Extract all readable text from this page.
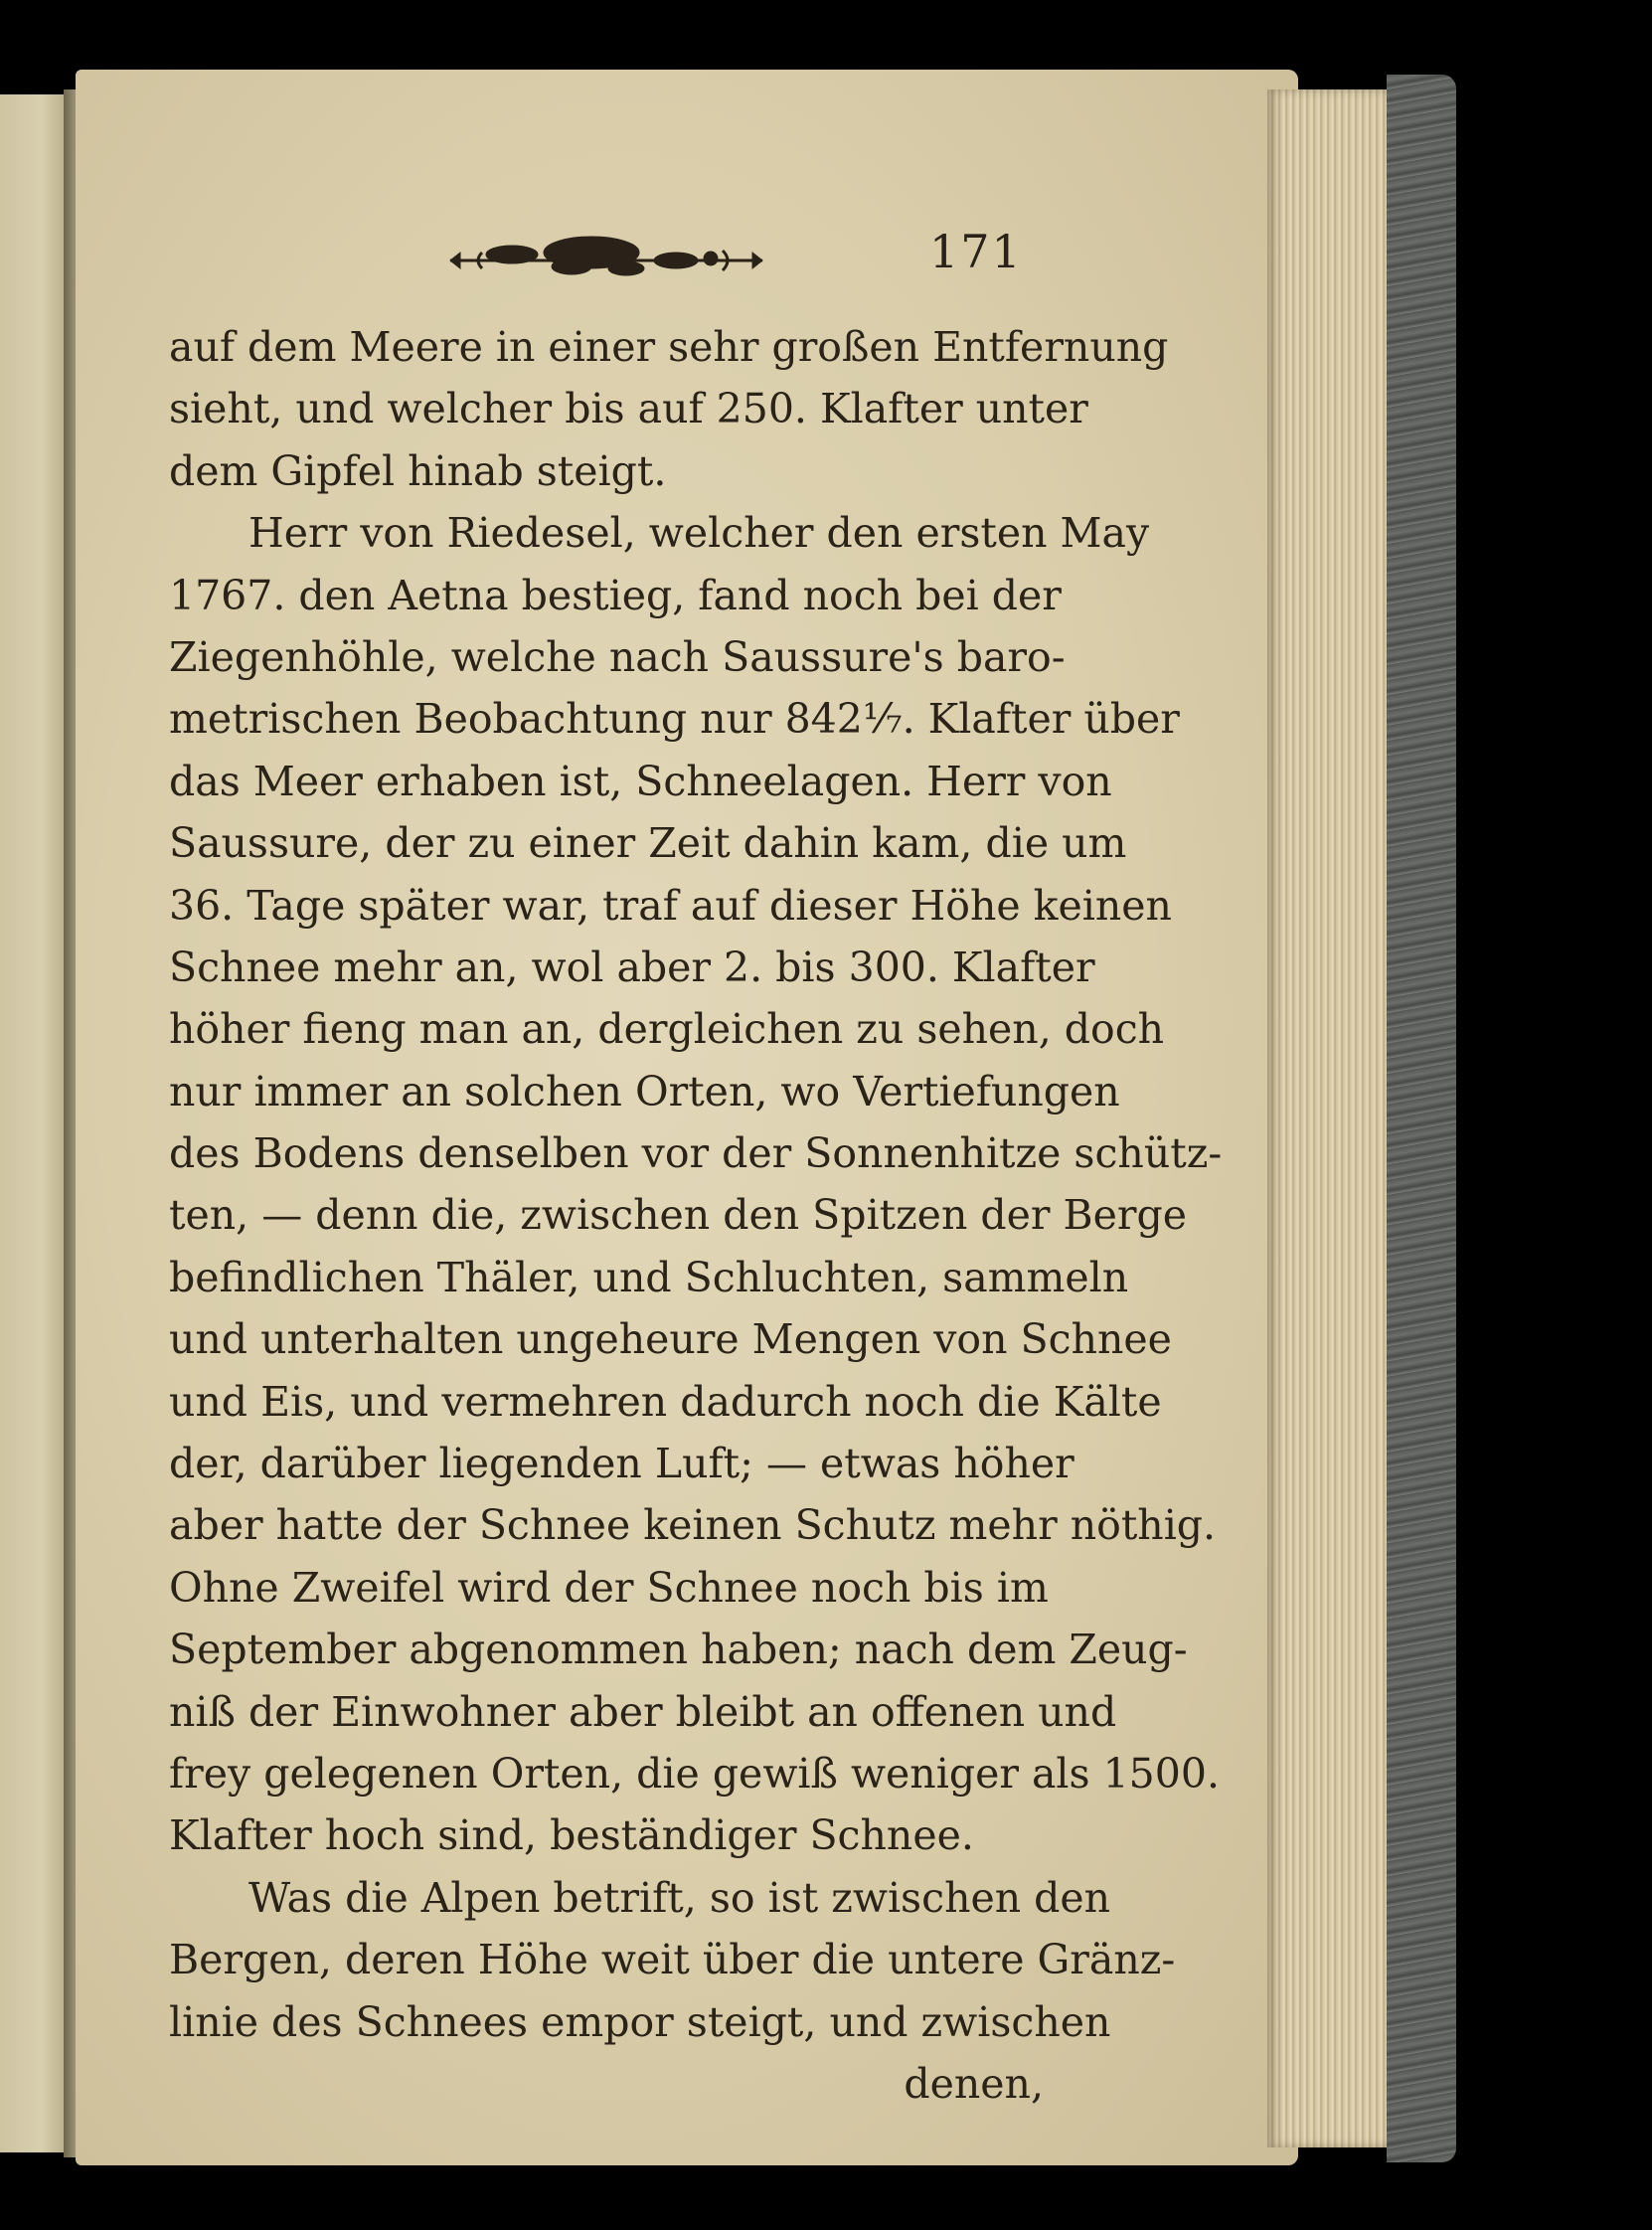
171
auf dem Meere in einer sehr großen Entfernung
sieht, und welcher bis auf 250. Klafter unter
dem Gipfel hinab steigt.
Herr von Riedesel, welcher den ersten May
1767. den Aetna bestieg, fand noch bei der
Ziegenhöhle, welche nach Saussure's baro-
metrischen Beobachtung nur 842⅐. Klafter über
das Meer erhaben ist, Schneelagen. Herr von
Saussure, der zu einer Zeit dahin kam, die um
36. Tage später war, traf auf dieser Höhe keinen
Schnee mehr an, wol aber 2. bis 300. Klafter
höher fieng man an, dergleichen zu sehen, doch
nur immer an solchen Orten, wo Vertiefungen
des Bodens denselben vor der Sonnenhitze schütz-
ten, — denn die, zwischen den Spitzen der Berge
befindlichen Thäler, und Schluchten, sammeln
und unterhalten ungeheure Mengen von Schnee
und Eis, und vermehren dadurch noch die Kälte
der, darüber liegenden Luft; — etwas höher
aber hatte der Schnee keinen Schutz mehr nöthig.
Ohne Zweifel wird der Schnee noch bis im
September abgenommen haben; nach dem Zeug-
niß der Einwohner aber bleibt an offenen und
frey gelegenen Orten, die gewiß weniger als 1500.
Klafter hoch sind, beständiger Schnee.
Was die Alpen betrift, so ist zwischen den
Bergen, deren Höhe weit über die untere Gränz-
linie des Schnees empor steigt, und zwischen
denen,
